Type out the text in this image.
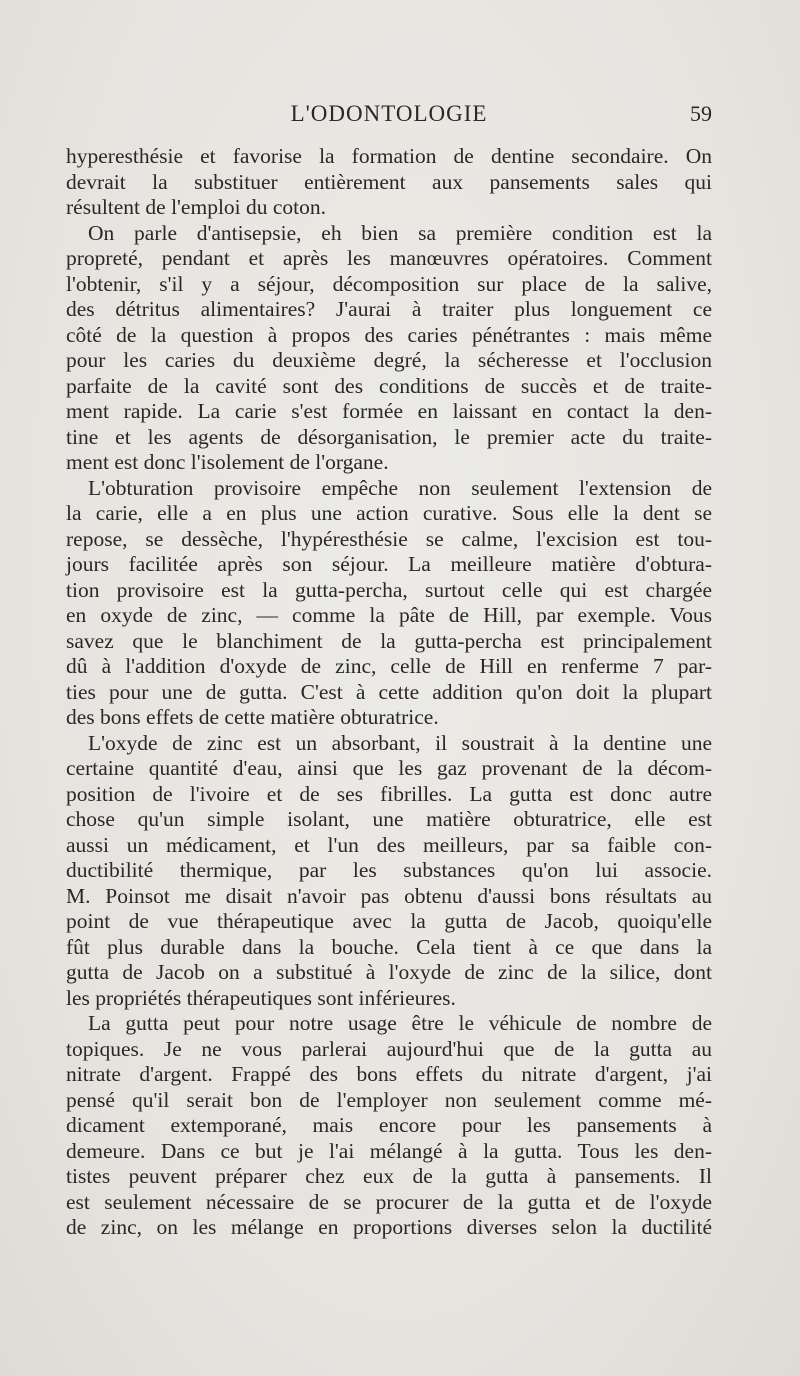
L'ODONTOLOGIE	59
hyperesthésie et favorise la formation de dentine secondaire. On
devrait la substituer entièrement aux pansements sales qui
résultent de l'emploi du coton.
On parle d'antisepsie, eh bien sa première condition est la
propreté, pendant et après les manœuvres opératoires. Comment
l'obtenir, s'il y a séjour, décomposition sur place de la salive,
des détritus alimentaires? J'aurai à traiter plus longuement ce
côté de la question à propos des caries pénétrantes : mais même
pour les caries du deuxième degré, la sécheresse et l'occlusion
parfaite de la cavité sont des conditions de succès et de traite-
ment rapide. La carie s'est formée en laissant en contact la den-
tine et les agents de désorganisation, le premier acte du traite-
ment est donc l'isolement de l'organe.
L'obturation provisoire empêche non seulement l'extension de
la carie, elle a en plus une action curative. Sous elle la dent se
repose, se dessèche, l'hypéresthésie se calme, l'excision est tou-
jours facilitée après son séjour. La meilleure matière d'obtura-
tion provisoire est la gutta-percha, surtout celle qui est chargée
en oxyde de zinc, — comme la pâte de Hill, par exemple. Vous
savez que le blanchiment de la gutta-percha est principalement
dû à l'addition d'oxyde de zinc, celle de Hill en renferme 7 par-
ties pour une de gutta. C'est à cette addition qu'on doit la plupart
des bons effets de cette matière obturatrice.
L'oxyde de zinc est un absorbant, il soustrait à la dentine une
certaine quantité d'eau, ainsi que les gaz provenant de la décom-
position de l'ivoire et de ses fibrilles. La gutta est donc autre
chose qu'un simple isolant, une matière obturatrice, elle est
aussi un médicament, et l'un des meilleurs, par sa faible con-
ductibilité thermique, par les substances qu'on lui associe.
M. Poinsot me disait n'avoir pas obtenu d'aussi bons résultats au
point de vue thérapeutique avec la gutta de Jacob, quoiqu'elle
fût plus durable dans la bouche. Cela tient à ce que dans la
gutta de Jacob on a substitué à l'oxyde de zinc de la silice, dont
les propriétés thérapeutiques sont inférieures.
La gutta peut pour notre usage être le véhicule de nombre de
topiques. Je ne vous parlerai aujourd'hui que de la gutta au
nitrate d'argent. Frappé des bons effets du nitrate d'argent, j'ai
pensé qu'il serait bon de l'employer non seulement comme mé-
dicament extemporané, mais encore pour les pansements à
demeure. Dans ce but je l'ai mélangé à la gutta. Tous les den-
tistes peuvent préparer chez eux de la gutta à pansements. Il
est seulement nécessaire de se procurer de la gutta et de l'oxyde
de zinc, on les mélange en proportions diverses selon la ductilité
